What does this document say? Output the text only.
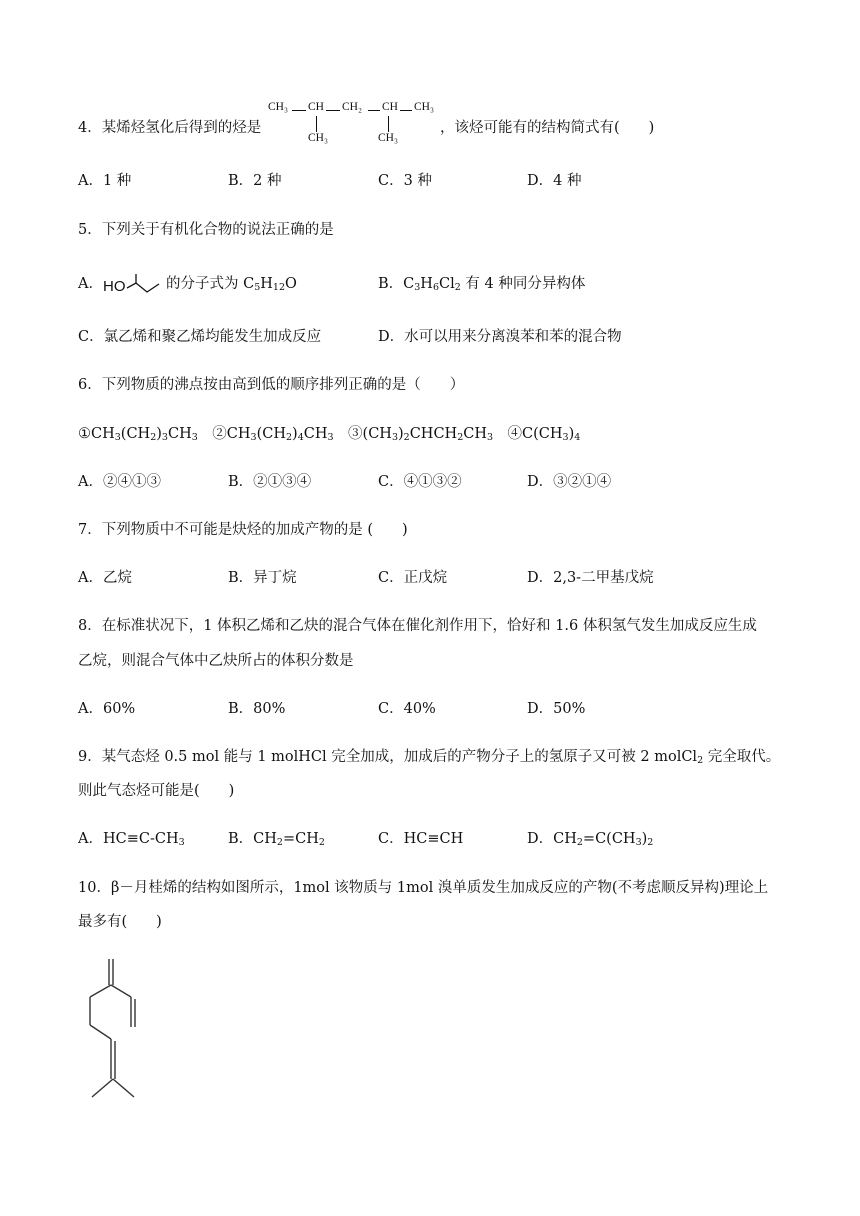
4．某烯烃氢化后得到的烃是
CH₃ CH CH₂ CH CH₃
CH₃	CH₃
，该烃可能有的结构简式有(　　)
A．1 种	B．2 种	C．3 种	D．4 种
5．下列关于有机化合物的说法正确的是
A． HO	的分子式为 $C_5H_{12}O$	B．$C_3H_6Cl_2$ 有 4 种同分异构体
C．氯乙烯和聚乙烯均能发生加成反应	D．水可以用来分离溴苯和苯的混合物
6．下列物质的沸点按由高到低的顺序排列正确的是（　　）
$①CH_3(CH_2)_3CH_3$　$②CH_3(CH_2)_4CH_3$　$③(CH_3)_2CHCH_2CH_3$　$④C(CH_3)_4$
A．②④①③	B．②①③④	C．④①③②	D．③②①④
7．下列物质中不可能是炔烃的加成产物的是 (　　)
A．乙烷	B．异丁烷	C．正戊烷	D．2,3-二甲基戊烷
8．在标准状况下，1 体积乙烯和乙炔的混合气体在催化剂作用下，恰好和 1.6 体积氢气发生加成反应生成
乙烷，则混合气体中乙炔所占的体积分数是
A．60%	B．80%	C．40%	D．50%
9．某气态烃 0.5 mol 能与 1 molHCl 完全加成，加成后的产物分子上的氢原子又可被 2 molCl$_2$ 完全取代。
则此气态烃可能是(　　)
A．$HC\equiv C-CH_3$	B．$CH_2=CH_2$	C．HC≡CH	D．$CH_2=C(CH_3)_2$
10．β－月桂烯的结构如图所示，1mol 该物质与 1mol 溴单质发生加成反应的产物(不考虑顺反异构)理论上
最多有(　　)
